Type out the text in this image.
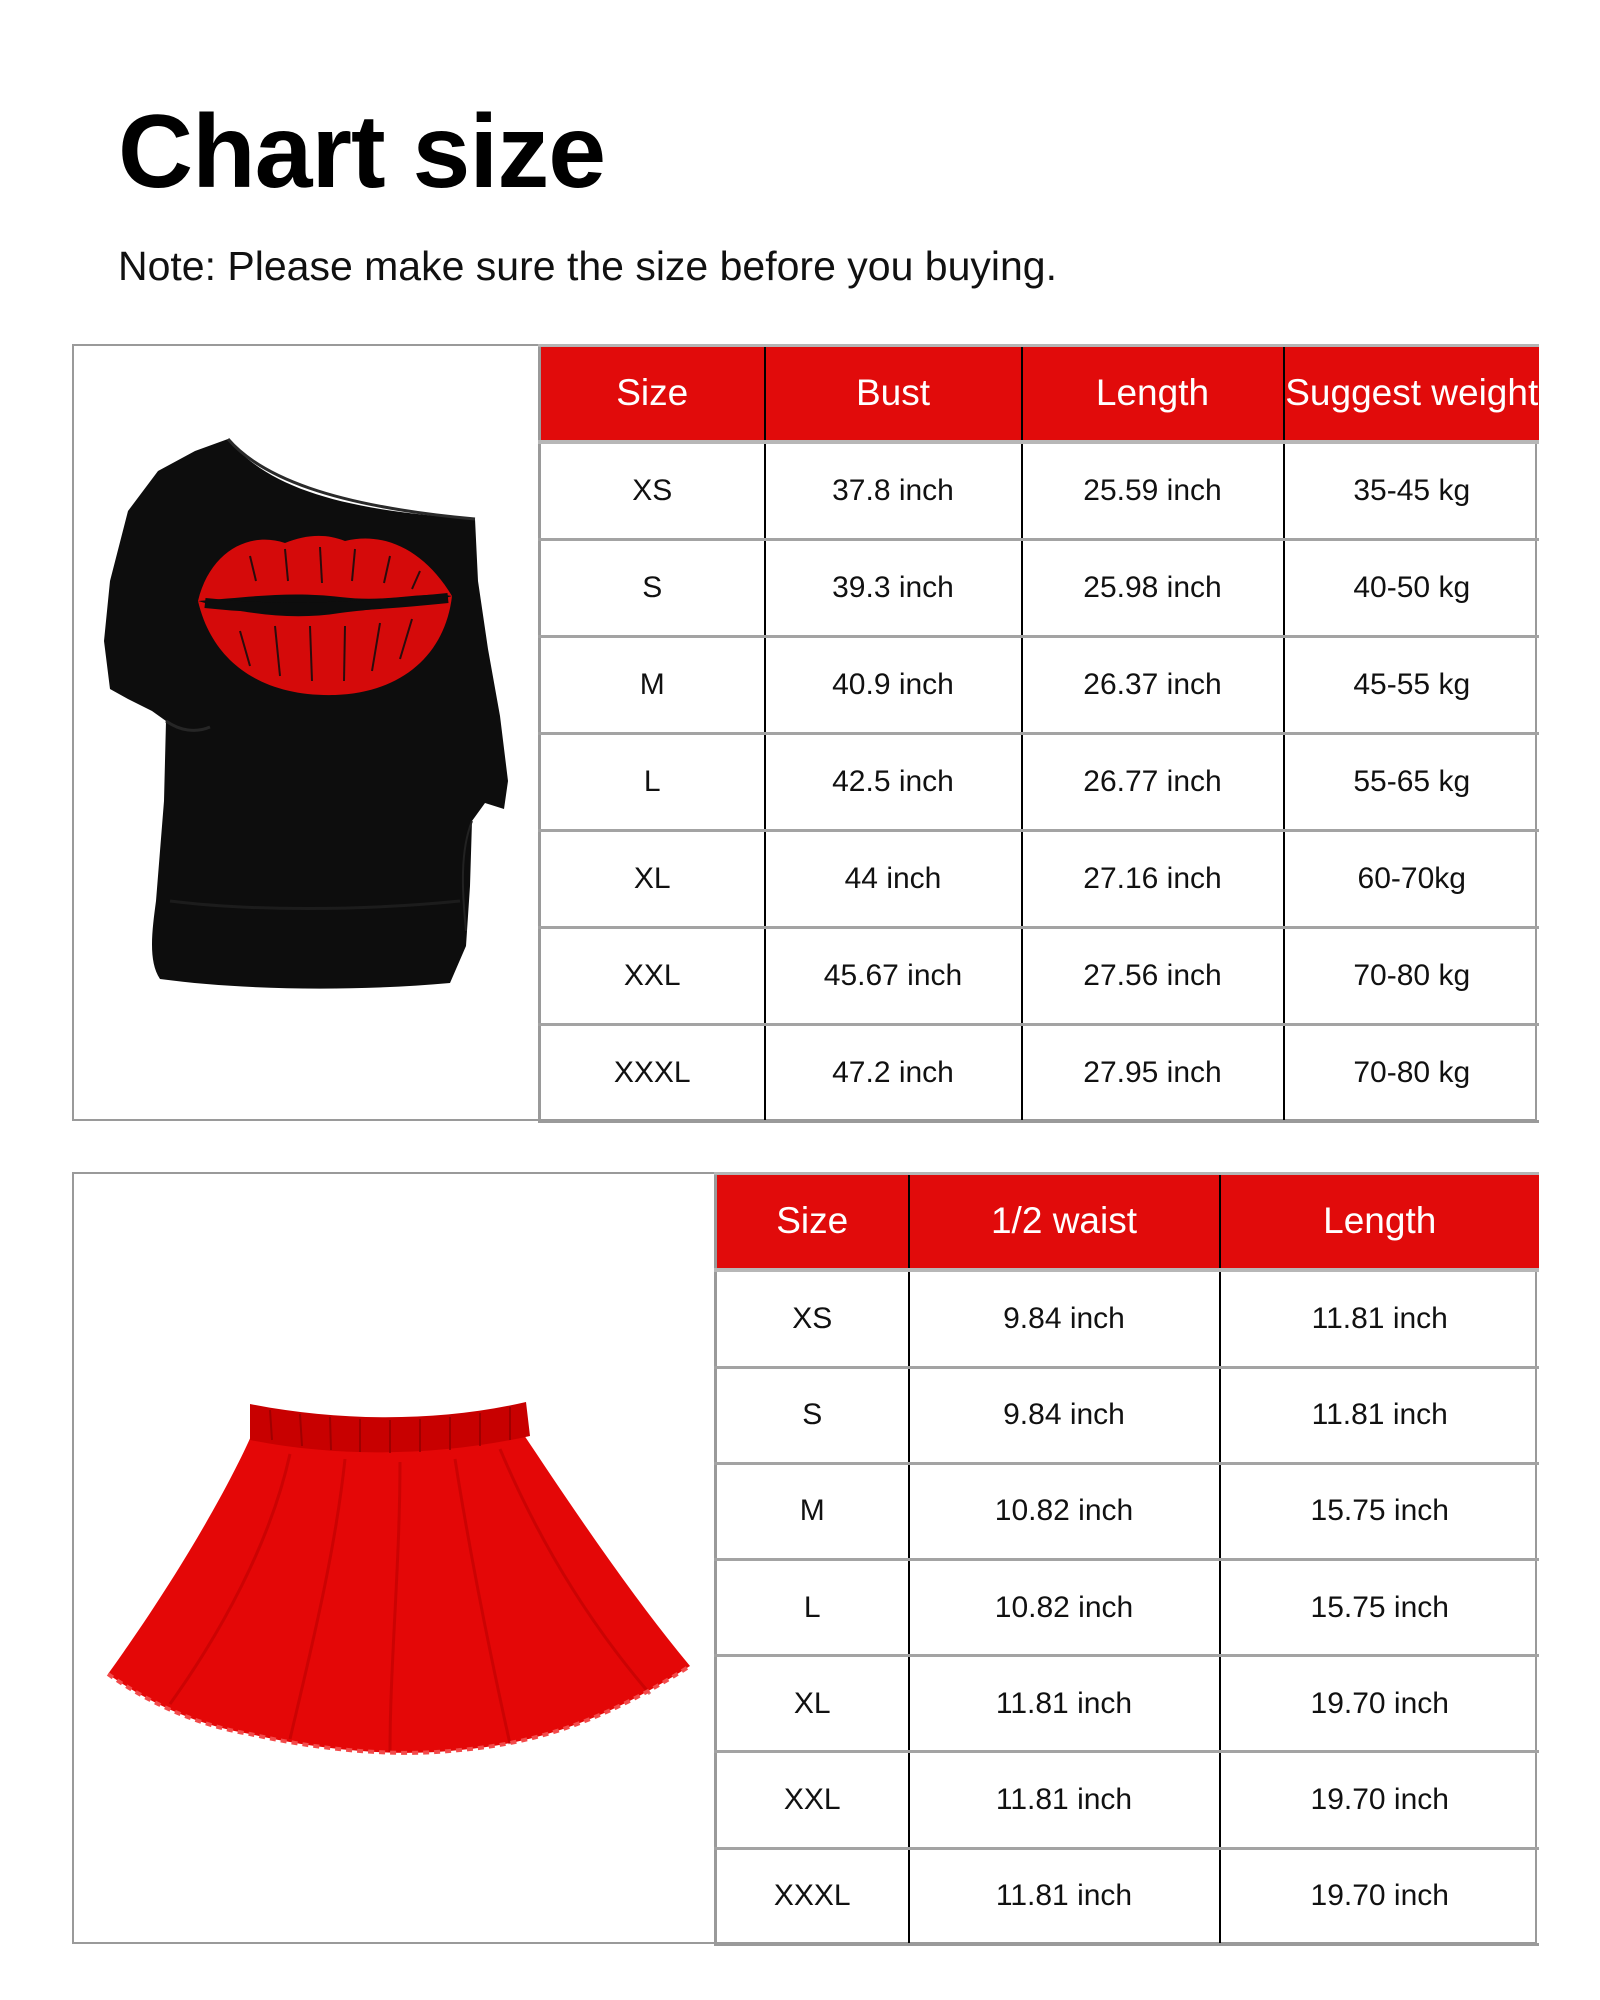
Chart size

Note: Please make sure the size before you buying.

Size	Bust	Length	Suggest weight
XS	37.8 inch	25.59 inch	35-45 kg
S	39.3 inch	25.98 inch	40-50 kg
M	40.9 inch	26.37 inch	45-55 kg
L	42.5 inch	26.77 inch	55-65 kg
XL	44 inch	27.16 inch	60-70kg
XXL	45.67 inch	27.56 inch	70-80 kg
XXXL	47.2 inch	27.95 inch	70-80 kg
Size	1/2 waist	Length
XS	9.84 inch	11.81 inch
S	9.84 inch	11.81 inch
M	10.82 inch	15.75 inch
L	10.82 inch	15.75 inch
XL	11.81 inch	19.70 inch
XXL	11.81 inch	19.70 inch
XXXL	11.81 inch	19.70 inch
